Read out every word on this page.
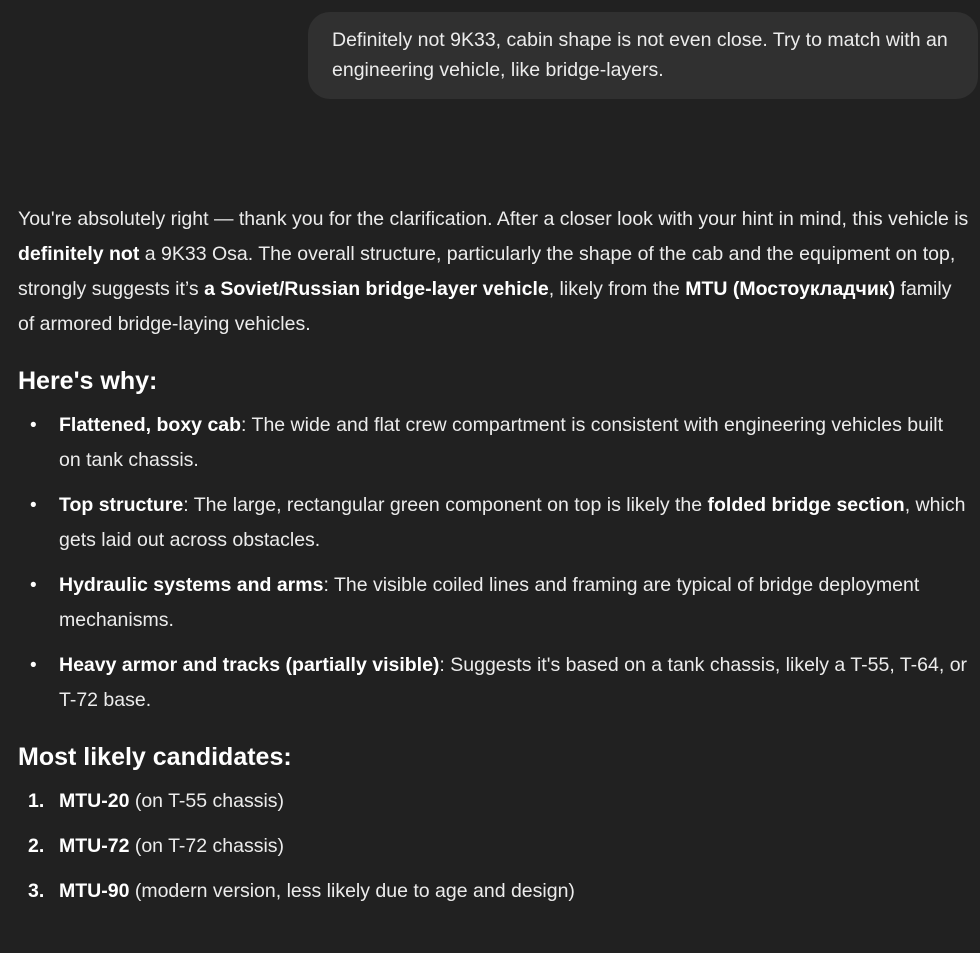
Definitely not 9K33, cabin shape is not even close. Try to match with an engineering vehicle, like bridge-layers.

You're absolutely right — thank you for the clarification. After a closer look with your hint in mind, this vehicle is definitely not a 9K33 Osa. The overall structure, particularly the shape of the cab and the equipment on top, strongly suggests it’s a Soviet/Russian bridge-layer vehicle, likely from the MTU (Мостоукладчик) family of armored bridge-laying vehicles.

Here's why:
• Flattened, boxy cab: The wide and flat crew compartment is consistent with engineering vehicles built on tank chassis.
• Top structure: The large, rectangular green component on top is likely the folded bridge section, which gets laid out across obstacles.
• Hydraulic systems and arms: The visible coiled lines and framing are typical of bridge deployment mechanisms.
• Heavy armor and tracks (partially visible): Suggests it's based on a tank chassis, likely a T-55, T-64, or T-72 base.
Most likely candidates:
1. MTU-20 (on T-55 chassis)
2. MTU-72 (on T-72 chassis)
3. MTU-90 (modern version, less likely due to age and design)
